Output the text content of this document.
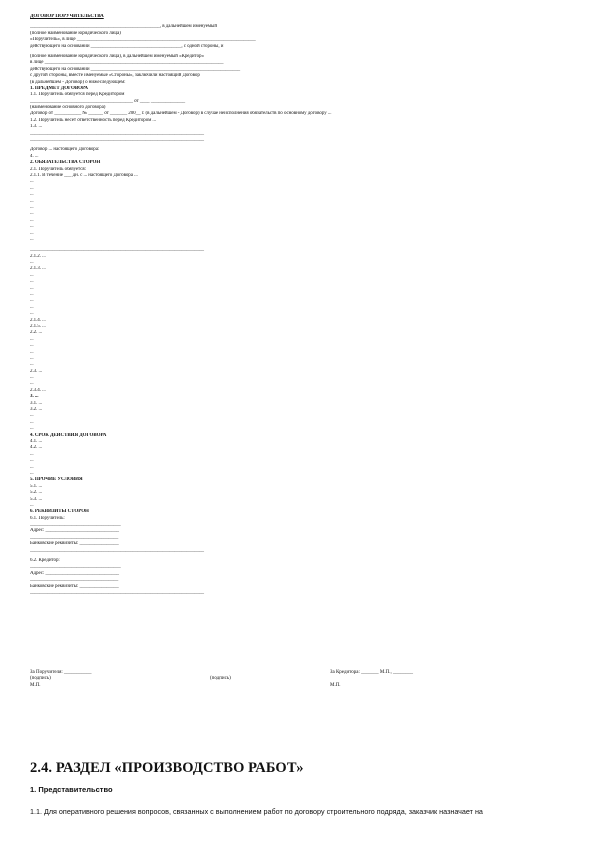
ДОГОВОР ПОРУЧИТЕЛЬСТВА
_____________________________________________________, в дальнейшем именуемый
(полное наименование юридического лица)
«Поручитель», в лице _________________________________________________________________________
действующего на основании _____________________________________, с одной стороны, и
(полное наименование юридического лица), в дальнейшем именуемый «Кредитор»
в лице _________________________________________________________________________
действующего на основании _____________________________________________________________
с другой стороны, вместе именуемые «Стороны», заключили настоящий Договор
(в дальнейшем - Договор) о нижеследующем:
1. ПРЕДМЕТ ДОГОВОРА
1.1. Поручитель обязуется перед Кредитором
__________________________________________ от ____ ______________
(наименование основного договора)
Договор от ___________ № ______ от _______ 200__ г. (в дальнейшем - Договор) в случае неисполнения обязательств по основному договору ...
1.2. Поручитель несет ответственность перед Кредитором ...
1.3. ...
_______________________________________________________________________
_______________________________________________________________________
Договор ... настоящего Договора:
4. ...
2. ОБЯЗАТЕЛЬСТВА СТОРОН
2.1. Поручитель обязуется:
2.1.1. В течение ___ дн. с ... настоящего Договора ...
...
...
...
...
...
...
...
...
...
...
_______________________________________________________________________
2.1.2. ...
...
2.1.3. ...
...
...
...
...
...
...
...
2.1.4. ...
2.1.5. ...
2.2. ...
...
...
...
...
...
2.3. ...
...
...
2.3.4. ...
3. ...
3.1. ...
3.2. ...
...
...
...
4. СРОК ДЕЙСТВИЯ ДОГОВОРА
4.1. ...
4.2. ...
...
...
...
...
5. ПРОЧИЕ УСЛОВИЯ
5.1. ...
5.2. ...
5.3. ...
...
6. РЕКВИЗИТЫ СТОРОН
6.1. Поручитель:
_____________________________________
Адрес: ______________________________
____________________________________
Банковские реквизиты: ________________
_______________________________________________________________________
6.2. Кредитор:
_____________________________________
Адрес: ______________________________
____________________________________
Банковские реквизиты: ________________
_______________________________________________________________________
За Поручителя: ___________	За Кредитора: _______ М.П., ________
(подпись)	(подпись)
М.П.	М.П.
2.4. РАЗДЕЛ «ПРОИЗВОДСТВО РАБОТ»
1. Представительство
1.1. Для оперативного решения вопросов, связанных с выполнением работ по договору строительного подряда, заказчик назначает на
